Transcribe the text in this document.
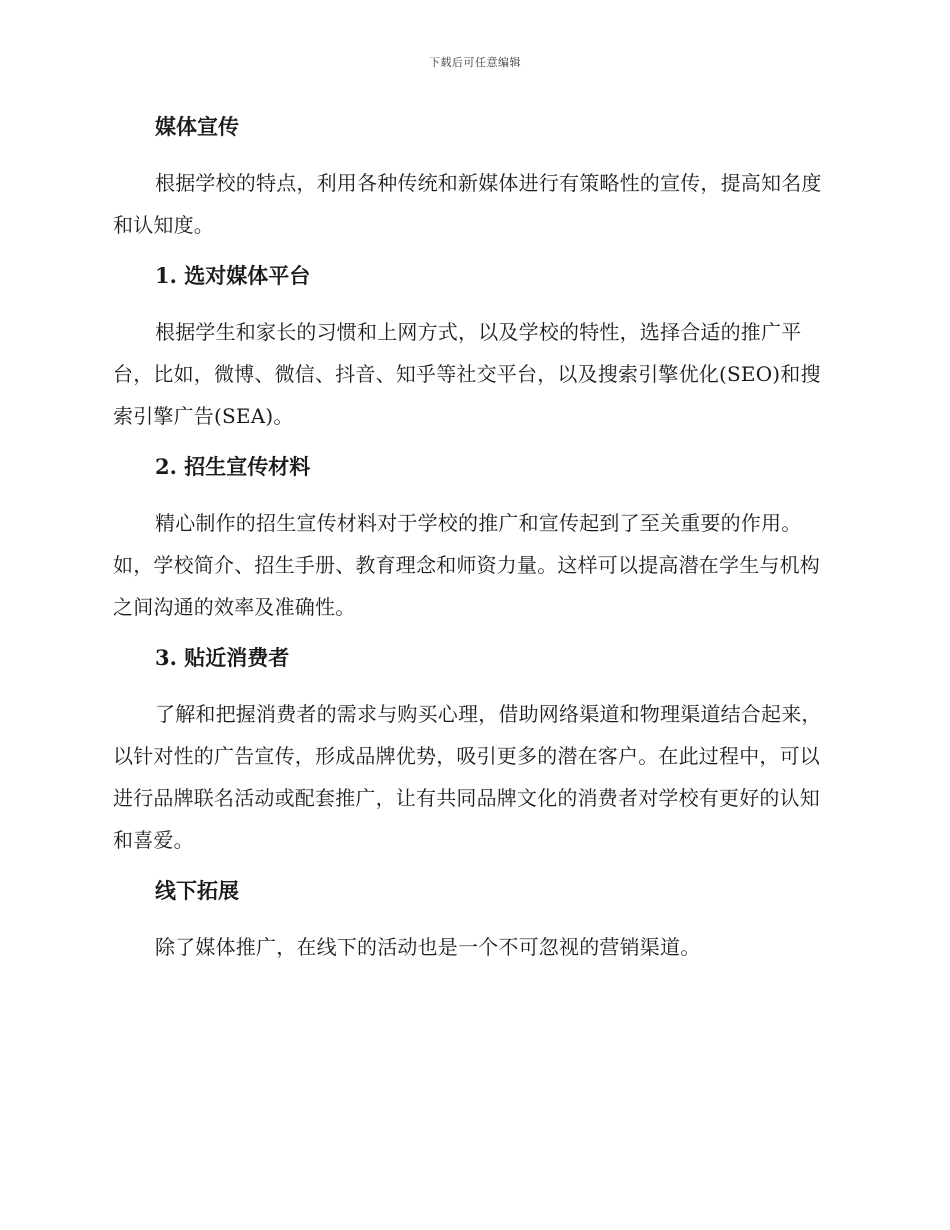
下载后可任意编辑
媒体宣传

根据学校的特点，利用各种传统和新媒体进行有策略性的宣传，提高知名度和认知度。

1. 选对媒体平台

根据学生和家长的习惯和上网方式，以及学校的特性，选择合适的推广平台，比如，微博、微信、抖音、知乎等社交平台，以及搜索引擎优化(SEO)和搜索引擎广告(SEA)。

2. 招生宣传材料

精心制作的招生宣传材料对于学校的推广和宣传起到了至关重要的作用。如，学校简介、招生手册、教育理念和师资力量。这样可以提高潜在学生与机构之间沟通的效率及准确性。

3. 贴近消费者

了解和把握消费者的需求与购买心理，借助网络渠道和物理渠道结合起来，以针对性的广告宣传，形成品牌优势，吸引更多的潜在客户。在此过程中，可以进行品牌联名活动或配套推广，让有共同品牌文化的消费者对学校有更好的认知和喜爱。

线下拓展

除了媒体推广，在线下的活动也是一个不可忽视的营销渠道。
